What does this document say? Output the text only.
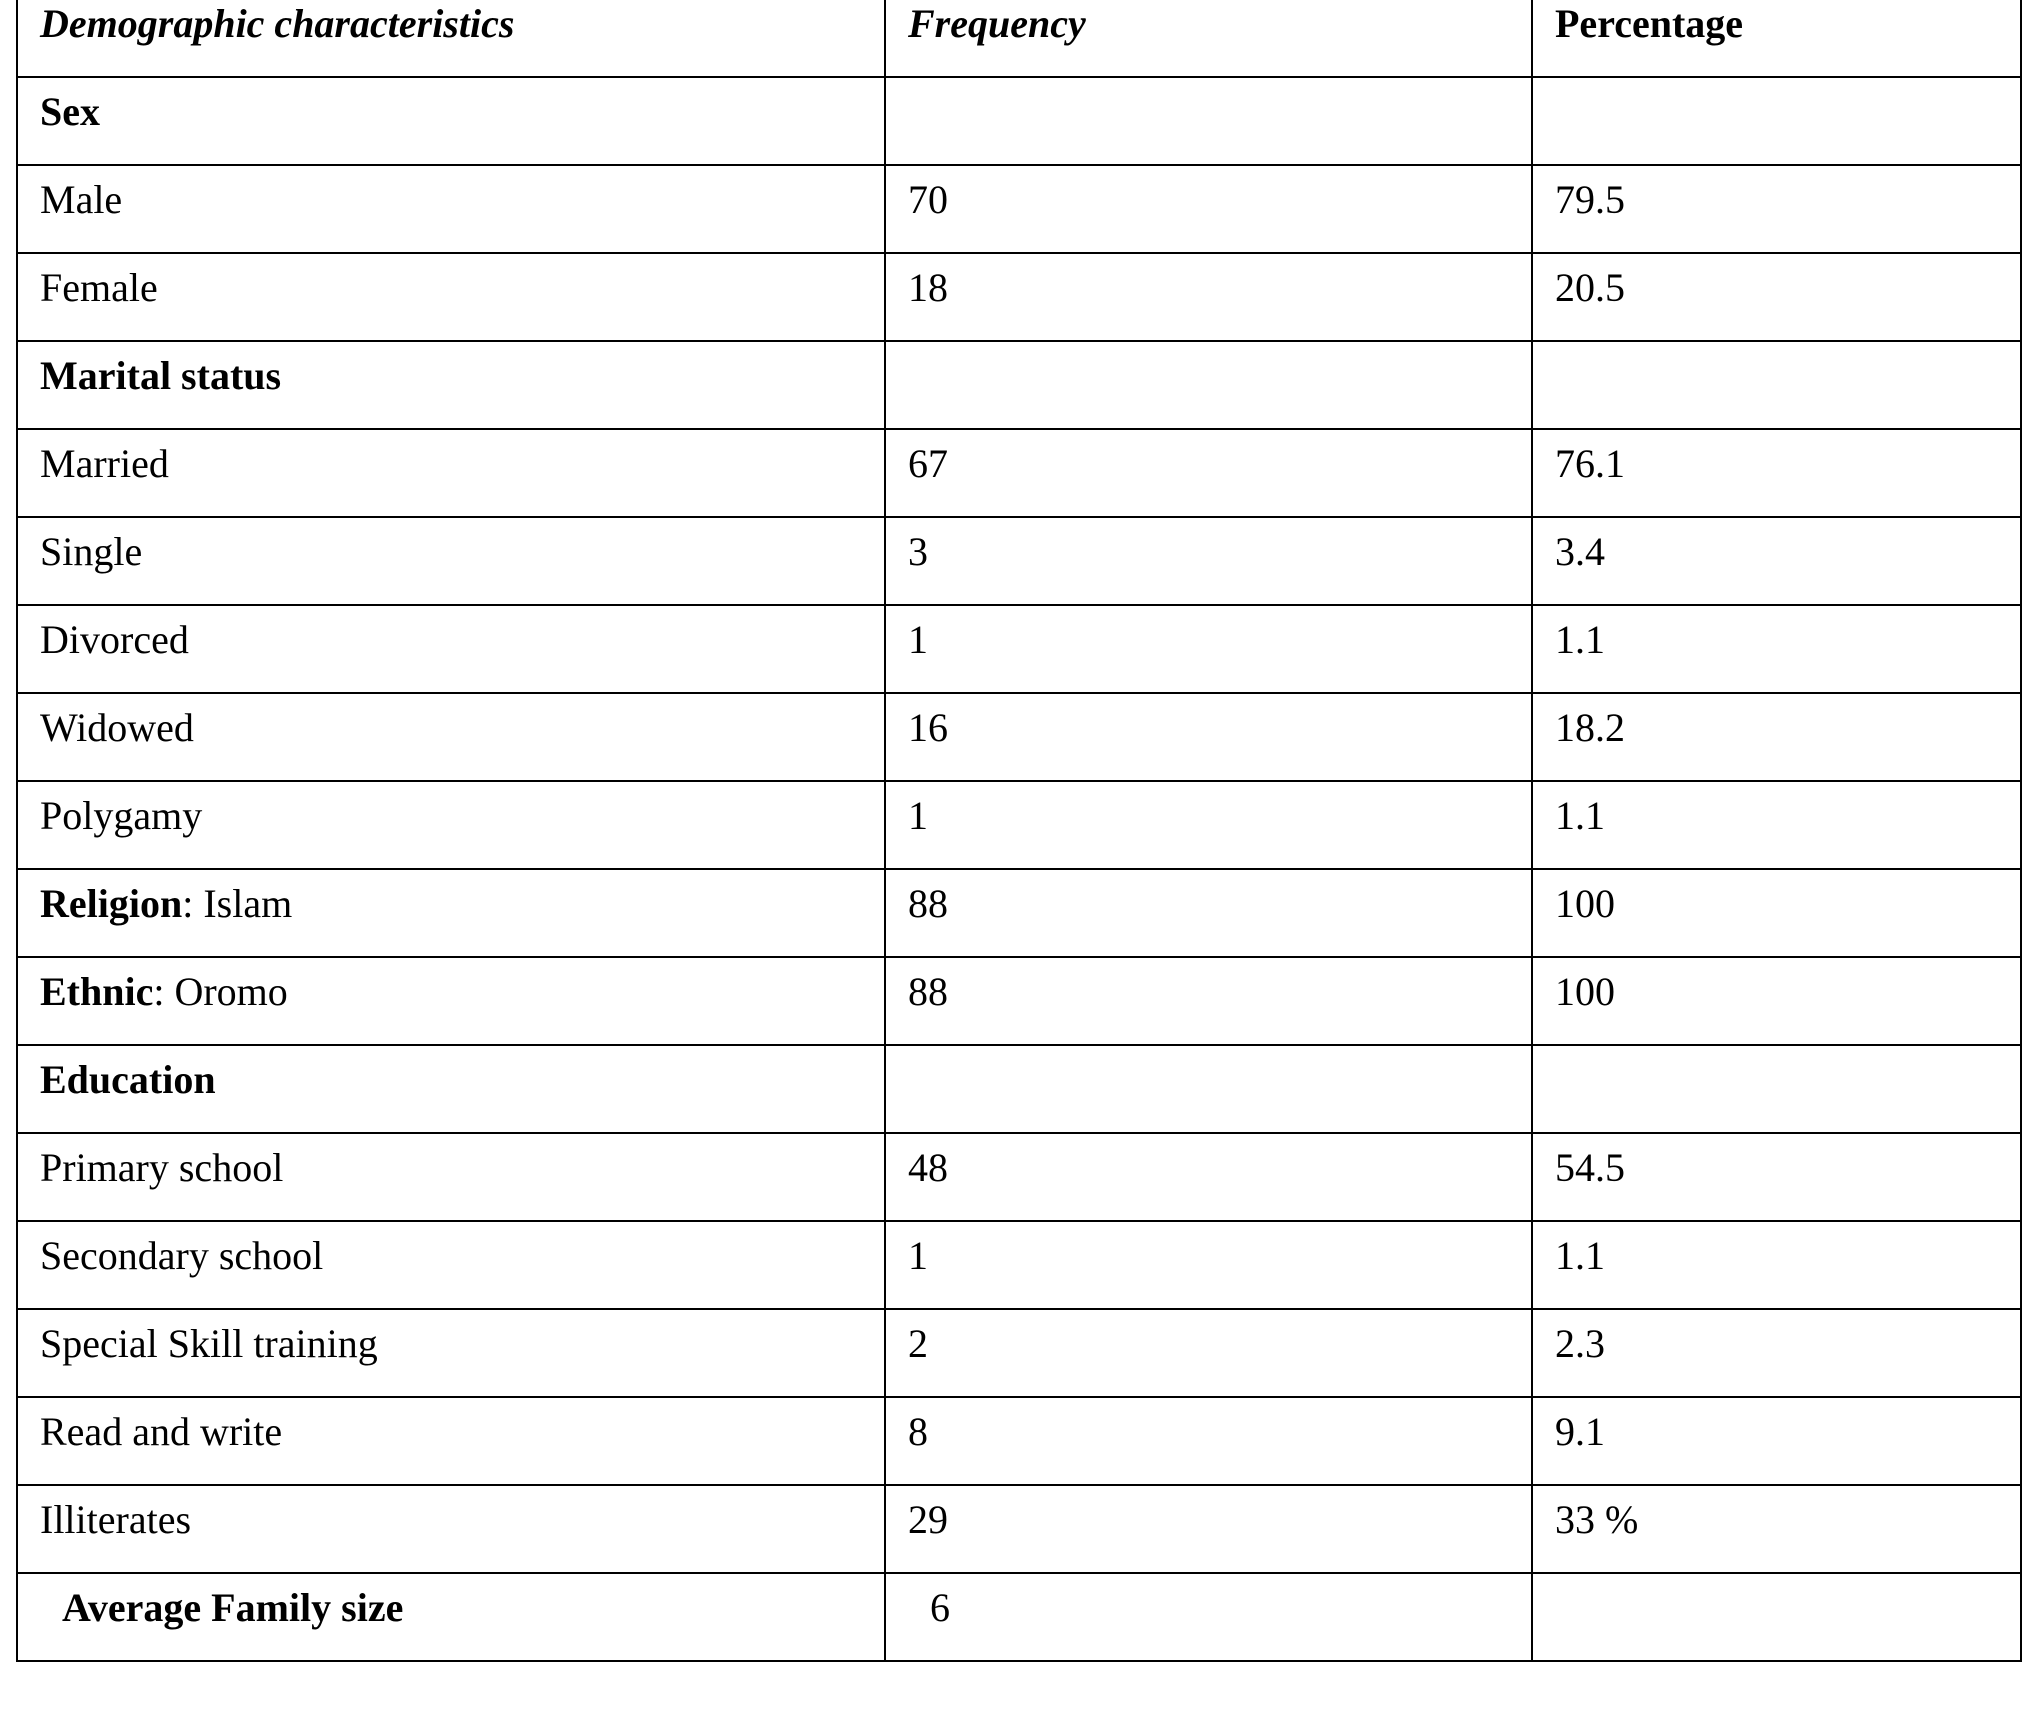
Demographic characteristics	Frequency	Percentage

Sex		

Male	70	79.5

Female	18	20.5

Marital status		

Married	67	76.1

Single	3	3.4

Divorced	1	1.1

Widowed	16	18.2

Polygamy	1	1.1

Religion: Islam	88	100

Ethnic: Oromo	88	100

Education		

Primary school	48	54.5

Secondary school	1	1.1

Special Skill training	2	2.3

Read and write	8	9.1

Illiterates	29	33 %

Average Family size	6	
